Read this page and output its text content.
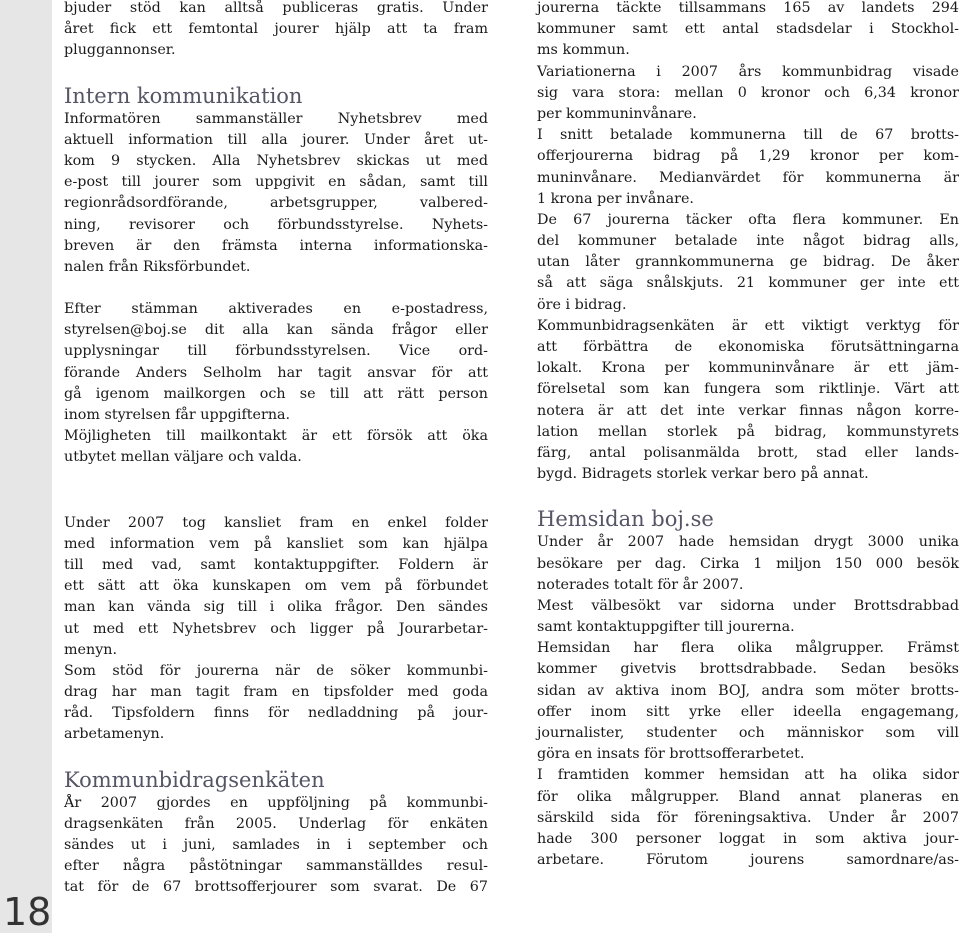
18
bjuder stöd kan alltså publiceras gratis. Under
året fick ett femtontal jourer hjälp att ta fram
pluggannonser.
Intern kommunikation
Informatören sammanställer Nyhetsbrev med
aktuell information till alla jourer. Under året ut-
kom 9 stycken. Alla Nyhetsbrev skickas ut med
e-post till jourer som uppgivit en sådan, samt till
regionrådsordförande, arbetsgrupper, valbered-
ning, revisorer och förbundsstyrelse. Nyhets-
breven är den främsta interna informationska-
nalen från Riksförbundet.
Efter stämman aktiverades en e-postadress,
styrelsen@boj.se dit alla kan sända frågor eller
upplysningar till förbundsstyrelsen. Vice ord-
förande Anders Selholm har tagit ansvar för att
gå igenom mailkorgen och se till att rätt person
inom styrelsen får uppgifterna.
Möjligheten till mailkontakt är ett försök att öka
utbytet mellan väljare och valda.
Under 2007 tog kansliet fram en enkel folder
med information vem på kansliet som kan hjälpa
till med vad, samt kontaktuppgifter. Foldern är
ett sätt att öka kunskapen om vem på förbundet
man kan vända sig till i olika frågor. Den sändes
ut med ett Nyhetsbrev och ligger på Jourarbetar-
menyn.
Som stöd för jourerna när de söker kommunbi-
drag har man tagit fram en tipsfolder med goda
råd. Tipsfoldern finns för nedladdning på jour-
arbetamenyn.
Kommunbidragsenkäten
År 2007 gjordes en uppföljning på kommunbi-
dragsenkäten från 2005. Underlag för enkäten
sändes ut i juni, samlades in i september och
efter några påstötningar sammanställdes resul-
tat för de 67 brottsofferjourer som svarat. De 67
jourerna täckte tillsammans 165 av landets 294
kommuner samt ett antal stadsdelar i Stockhol-
ms kommun.
Variationerna i 2007 års kommunbidrag visade
sig vara stora: mellan 0 kronor och 6,34 kronor
per kommuninvånare.
I snitt betalade kommunerna till de 67 brotts-
offerjourerna bidrag på 1,29 kronor per kom-
muninvånare. Medianvärdet för kommunerna är
1 krona per invånare.
De 67 jourerna täcker ofta flera kommuner. En
del kommuner betalade inte något bidrag alls,
utan låter grannkommunerna ge bidrag. De åker
så att säga snålskjuts. 21 kommuner ger inte ett
öre i bidrag.
Kommunbidragsenkäten är ett viktigt verktyg för
att förbättra de ekonomiska förutsättningarna
lokalt. Krona per kommuninvånare är ett jäm-
förelsetal som kan fungera som riktlinje. Värt att
notera är att det inte verkar finnas någon korre-
lation mellan storlek på bidrag, kommunstyrets
färg, antal polisanmälda brott, stad eller lands-
bygd. Bidragets storlek verkar bero på annat.
Hemsidan boj.se
Under år 2007 hade hemsidan drygt 3000 unika
besökare per dag. Cirka 1 miljon 150 000 besök
noterades totalt för år 2007.
Mest välbesökt var sidorna under Brottsdrabbad
samt kontaktuppgifter till jourerna.
Hemsidan har flera olika målgrupper. Främst
kommer givetvis brottsdrabbade. Sedan besöks
sidan av aktiva inom BOJ, andra som möter brotts-
offer inom sitt yrke eller ideella engagemang,
journalister, studenter och människor som vill
göra en insats för brottsofferarbetet.
I framtiden kommer hemsidan att ha olika sidor
för olika målgrupper. Bland annat planeras en
särskild sida för föreningsaktiva. Under år 2007
hade 300 personer loggat in som aktiva jour-
arbetare. Förutom jourens samordnare/as-
